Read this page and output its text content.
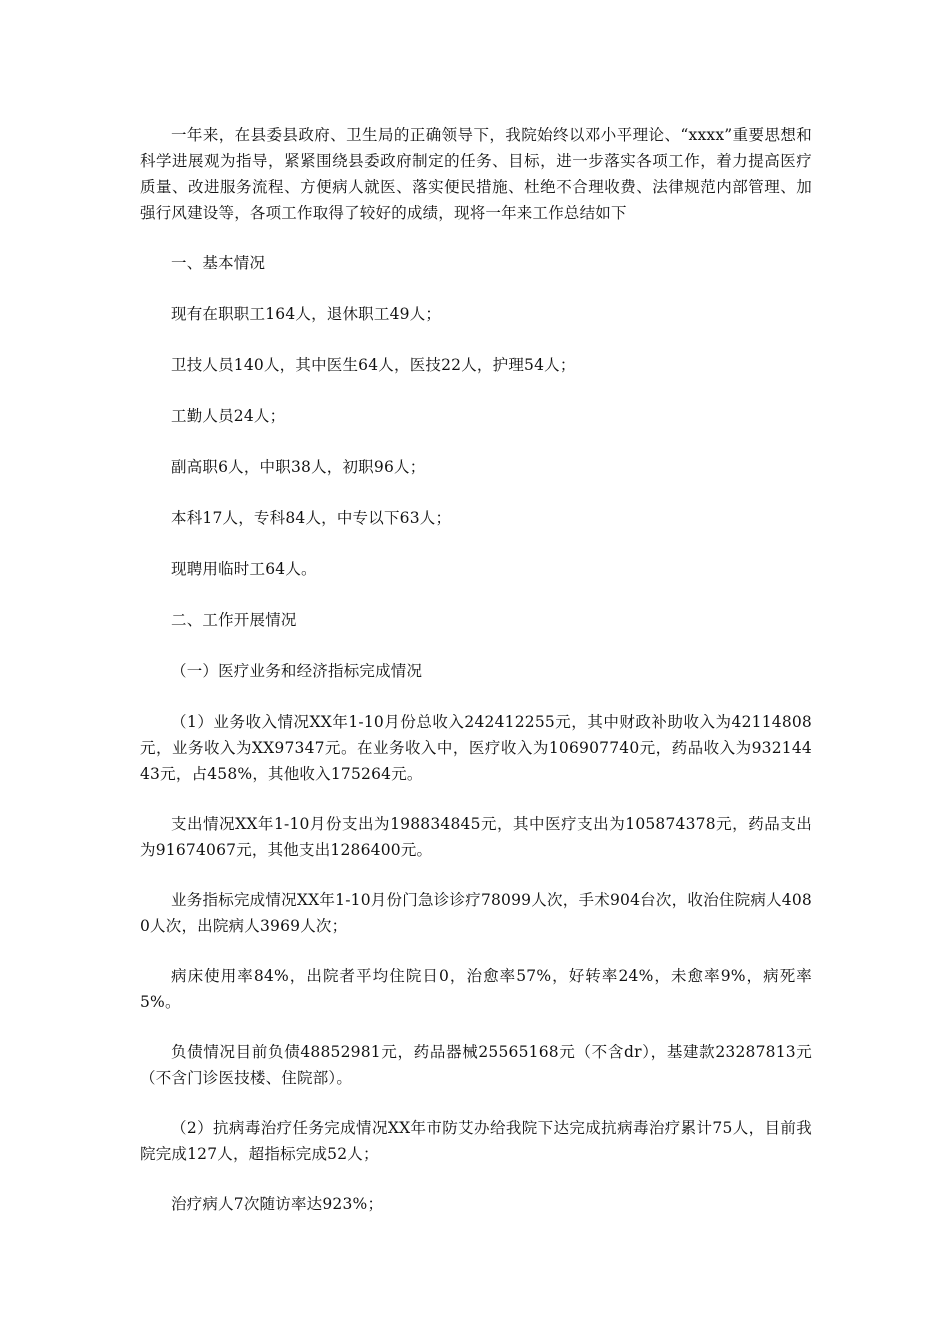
一年来，在县委县政府、卫生局的正确领导下，我院始终以邓小平理论、“xxxx”重要思想和科学进展观为指导，紧紧围绕县委政府制定的任务、目标，进一步落实各项工作，着力提高医疗质量、改进服务流程、方便病人就医、落实便民措施、杜绝不合理收费、法律规范内部管理、加强行风建设等，各项工作取得了较好的成绩，现将一年来工作总结如下

一、基本情况

现有在职职工164人，退休职工49人；

卫技人员140人，其中医生64人，医技22人，护理54人；

工勤人员24人；

副高职6人，中职38人，初职96人；

本科17人，专科84人，中专以下63人；

现聘用临时工64人。

二、工作开展情况

（一）医疗业务和经济指标完成情况

（1）业务收入情况XX年1-10月份总收入242412255元，其中财政补助收入为42114808元，业务收入为XX97347元。在业务收入中，医疗收入为106907740元，药品收入为93214443元，占458%，其他收入175264元。

支出情况XX年1-10月份支出为198834845元，其中医疗支出为105874378元，药品支出为91674067元，其他支出1286400元。

业务指标完成情况XX年1-10月份门急诊诊疗78099人次，手术904台次，收治住院病人4080人次，出院病人3969人次；

病床使用率84%，出院者平均住院日0，治愈率57%，好转率24%，未愈率9%，病死率5%。

负债情况目前负债48852981元，药品器械25565168元（不含dr），基建款23287813元（不含门诊医技楼、住院部）。

（2）抗病毒治疗任务完成情况XX年市防艾办给我院下达完成抗病毒治疗累计75人，目前我院完成127人，超指标完成52人；

治疗病人7次随访率达923%；
